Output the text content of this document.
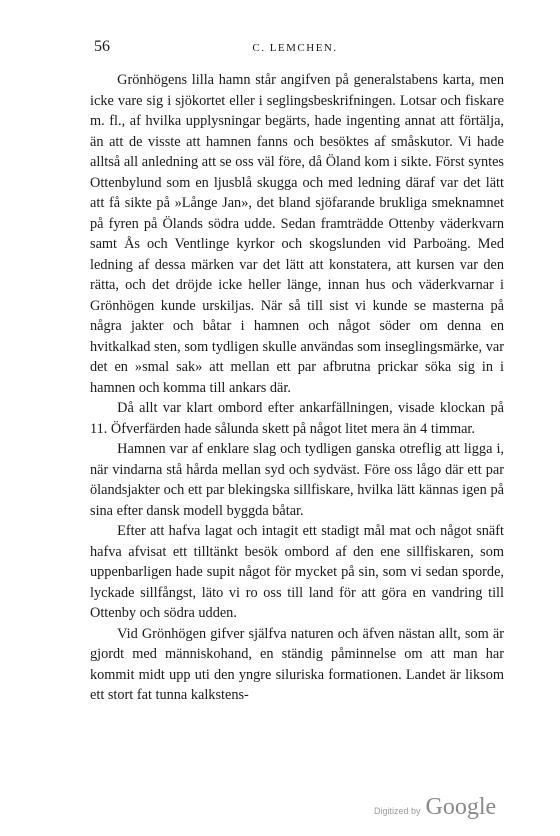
56	C. LEMCHEN.

Grönhögens lilla hamn står angifven på generalstabens karta, men icke vare sig i sjökortet eller i seglingsbeskrifningen. Lotsar och fiskare m. fl., af hvilka upplysningar begärts, hade ingenting annat att förtälja, än att de visste att hamnen fanns och besöktes af småskutor. Vi hade alltså all anledning att se oss väl före, då Öland kom i sikte. Först syntes Ottenbylund som en ljusblå skugga och med ledning däraf var det lätt att få sikte på »Långe Jan», det bland sjöfarande brukliga smeknamnet på fyren på Ölands södra udde. Sedan framträdde Ottenby väderkvarn samt Ås och Ventlinge kyrkor och skogslunden vid Parboäng. Med ledning af dessa märken var det lätt att konstatera, att kursen var den rätta, och det dröjde icke heller länge, innan hus och väderkvarnar i Grönhögen kunde urskiljas. När så till sist vi kunde se masterna på några jakter och båtar i hamnen och något söder om denna en hvitkalkad sten, som tydligen skulle användas som inseglingsmärke, var det en »smal sak» att mellan ett par afbrutna prickar söka sig in i hamnen och komma till ankars där.

Då allt var klart ombord efter ankarfällningen, visade klockan på 11. Öfverfärden hade sålunda skett på något litet mera än 4 timmar.

Hamnen var af enklare slag och tydligen ganska otreflig att ligga i, när vindarna stå hårda mellan syd och sydväst. Före oss lågo där ett par ölandsjakter och ett par blekingska sillfiskare, hvilka lätt kännas igen på sina efter dansk modell byggda båtar.

Efter att hafva lagat och intagit ett stadigt mål mat och något snäft hafva afvisat ett tilltänkt besök ombord af den ene sillfiskaren, som uppenbarligen hade supit något för mycket på sin, som vi sedan sporde, lyckade sillfångst, läto vi ro oss till land för att göra en vandring till Ottenby och södra udden.

Vid Grönhögen gifver själfva naturen och äfven nästan allt, som är gjordt med människohand, en ständig påminnelse om att man har kommit midt upp uti den yngre siluriska formationen. Landet är liksom ett stort fat tunna kalkstens-

Digitized by Google
